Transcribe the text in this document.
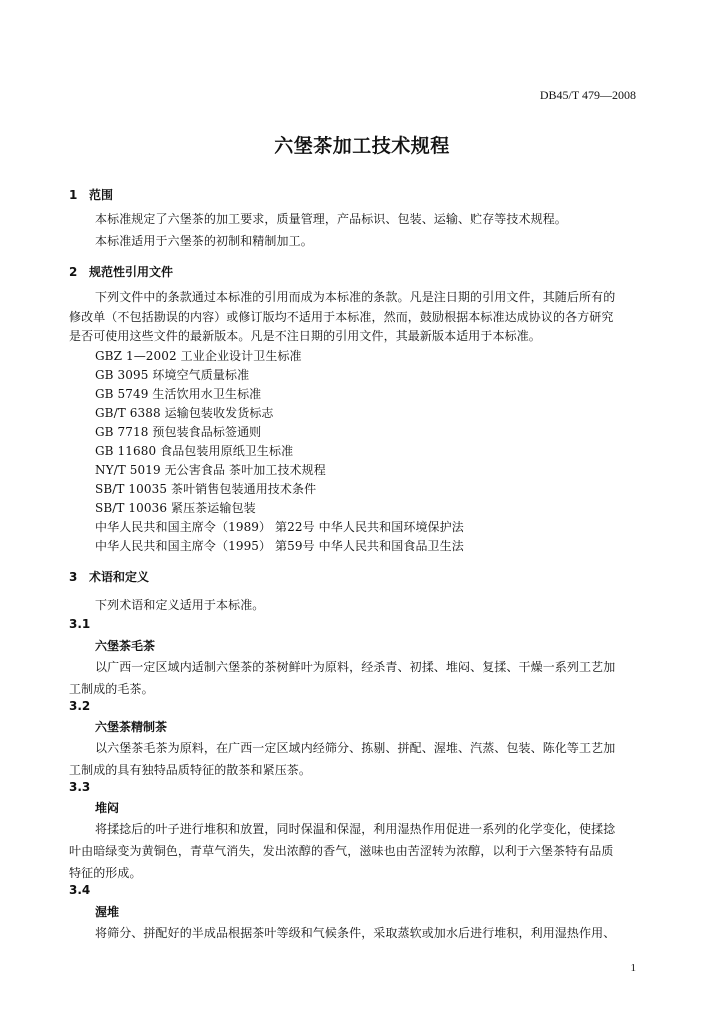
DB45/T 479—2008
六堡茶加工技术规程
1 范围
本标准规定了六堡茶的加工要求，质量管理，产品标识、包装、运输、贮存等技术规程。
本标准适用于六堡茶的初制和精制加工。
2 规范性引用文件
下列文件中的条款通过本标准的引用而成为本标准的条款。凡是注日期的引用文件，其随后所有的
修改单（不包括勘误的内容）或修订版均不适用于本标准，然而，鼓励根据本标准达成协议的各方研究
是否可使用这些文件的最新版本。凡是不注日期的引用文件，其最新版本适用于本标准。
GBZ 1—2002 工业企业设计卫生标准
GB 3095 环境空气质量标准
GB 5749 生活饮用水卫生标准
GB/T 6388 运输包装收发货标志
GB 7718 预包装食品标签通则
GB 11680 食品包装用原纸卫生标准
NY/T 5019 无公害食品 茶叶加工技术规程
SB/T 10035 茶叶销售包装通用技术条件
SB/T 10036 紧压茶运输包装
中华人民共和国主席令（1989） 第22号 中华人民共和国环境保护法
中华人民共和国主席令（1995） 第59号 中华人民共和国食品卫生法
3 术语和定义
下列术语和定义适用于本标准。
3.1
六堡茶毛茶
以广西一定区域内适制六堡茶的茶树鲜叶为原料，经杀青、初揉、堆闷、复揉、干燥一系列工艺加
工制成的毛茶。
3.2
六堡茶精制茶
以六堡茶毛茶为原料，在广西一定区域内经筛分、拣剔、拼配、渥堆、汽蒸、包装、陈化等工艺加
工制成的具有独特品质特征的散茶和紧压茶。
3.3
堆闷
将揉捻后的叶子进行堆积和放置，同时保温和保湿，利用湿热作用促进一系列的化学变化，使揉捻
叶由暗绿变为黄铜色，青草气消失，发出浓醇的香气，滋味也由苦涩转为浓醇，以利于六堡茶特有品质
特征的形成。
3.4
渥堆
将筛分、拼配好的半成品根据茶叶等级和气候条件，采取蒸软或加水后进行堆积，利用湿热作用、
1
